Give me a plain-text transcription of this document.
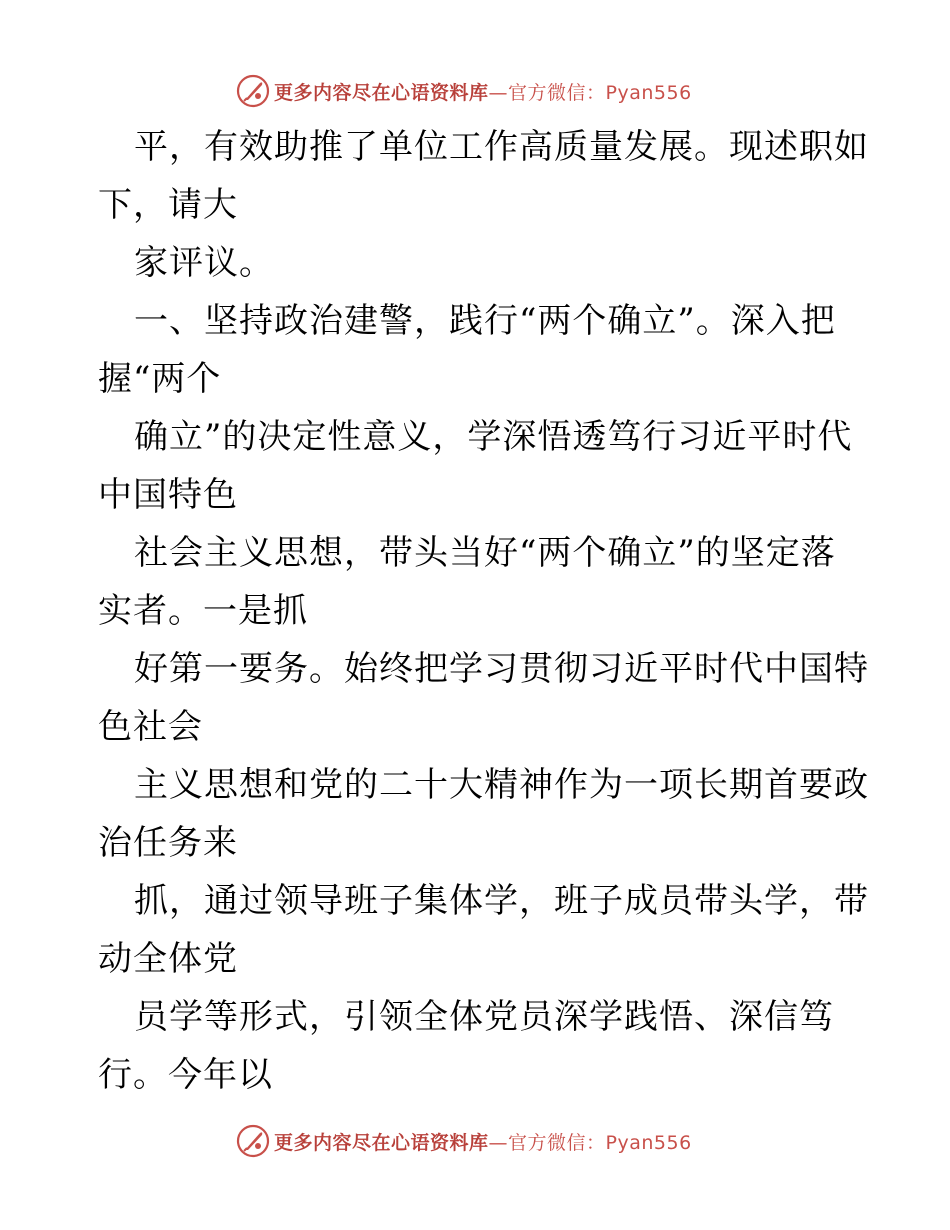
更多内容尽在心语资料库—官方微信：Pyan556
平，有效助推了单位工作高质量发展。现述职如
下，请大
家评议。
一、坚持政治建警，践行“两个确立”。深入把
握“两个
确立”的决定性意义，学深悟透笃行习近平时代
中国特色
社会主义思想，带头当好“两个确立”的坚定落
实者。一是抓
好第一要务。始终把学习贯彻习近平时代中国特
色社会
主义思想和党的二十大精神作为一项长期首要政
治任务来
抓，通过领导班子集体学，班子成员带头学，带
动全体党
员学等形式，引领全体党员深学践悟、深信笃
行。今年以
更多内容尽在心语资料库—官方微信：Pyan556
